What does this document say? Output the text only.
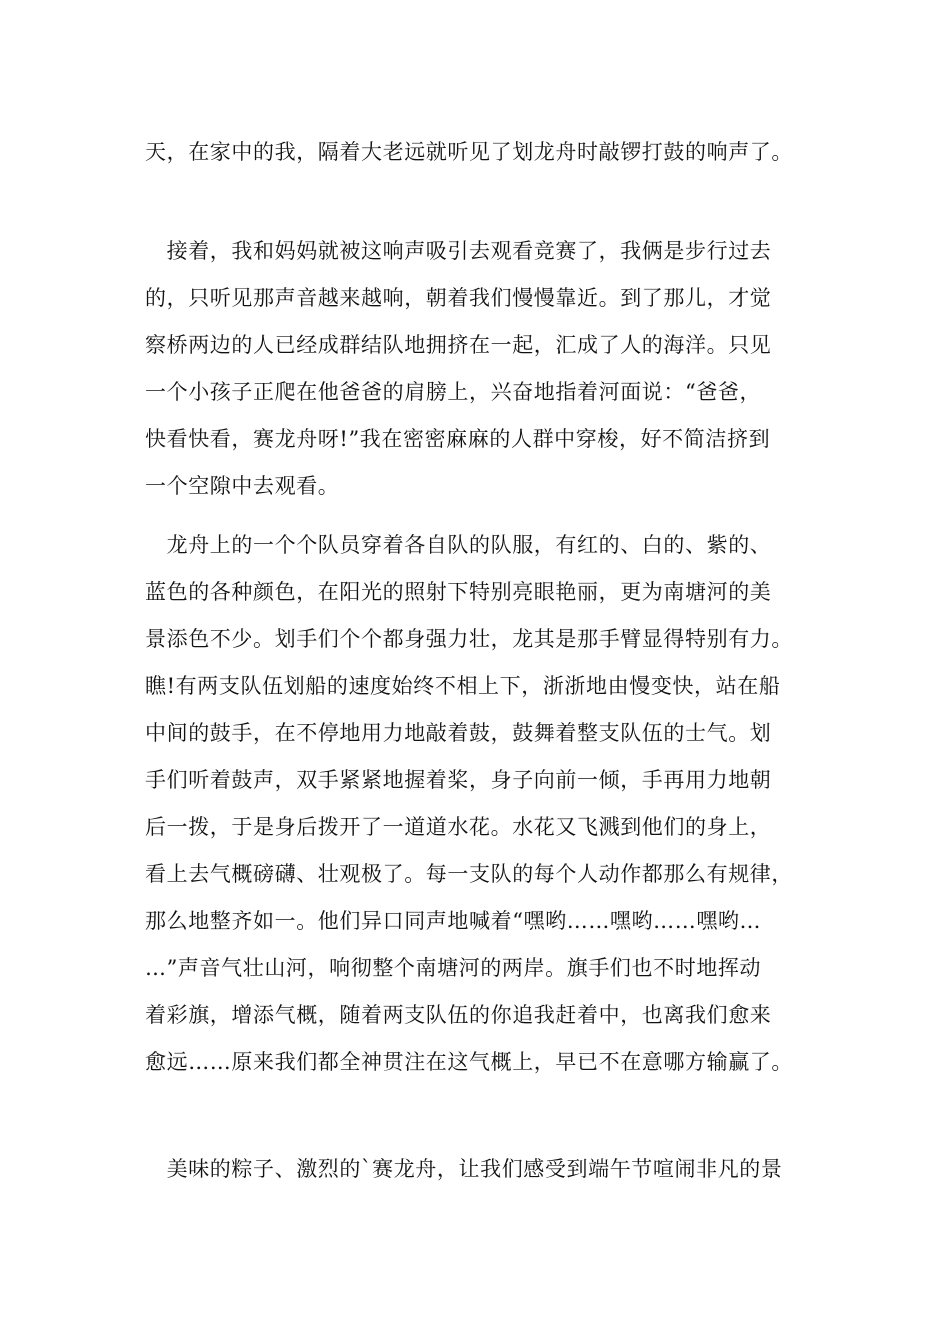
天，在家中的我，隔着大老远就听见了划龙舟时敲锣打鼓的响声了。
　接着，我和妈妈就被这响声吸引去观看竞赛了，我俩是步行过去
的，只听见那声音越来越响，朝着我们慢慢靠近。到了那儿，才觉
察桥两边的人已经成群结队地拥挤在一起，汇成了人的海洋。只见
一个小孩子正爬在他爸爸的肩膀上，兴奋地指着河面说：“爸爸，
快看快看，赛龙舟呀!”我在密密麻麻的人群中穿梭，好不简洁挤到
一个空隙中去观看。
　龙舟上的一个个队员穿着各自队的队服，有红的、白的、紫的、
蓝色的各种颜色，在阳光的照射下特别亮眼艳丽，更为南塘河的美
景添色不少。划手们个个都身强力壮，龙其是那手臂显得特别有力。
瞧!有两支队伍划船的速度始终不相上下，浙浙地由慢变快，站在船
中间的鼓手，在不停地用力地敲着鼓，鼓舞着整支队伍的士气。划
手们听着鼓声，双手紧紧地握着桨，身子向前一倾，手再用力地朝
后一拨，于是身后拨开了一道道水花。水花又飞溅到他们的身上，
看上去气概磅礴、壮观极了。每一支队的每个人动作都那么有规律，
那么地整齐如一。他们异口同声地喊着“嘿哟……嘿哟……嘿哟…
…”声音气壮山河，响彻整个南塘河的两岸。旗手们也不时地挥动
着彩旗，增添气概，随着两支队伍的你追我赶着中，也离我们愈来
愈远……原来我们都全神贯注在这气概上，早已不在意哪方输赢了。
　美味的粽子、激烈的`赛龙舟，让我们感受到端午节喧闹非凡的景
